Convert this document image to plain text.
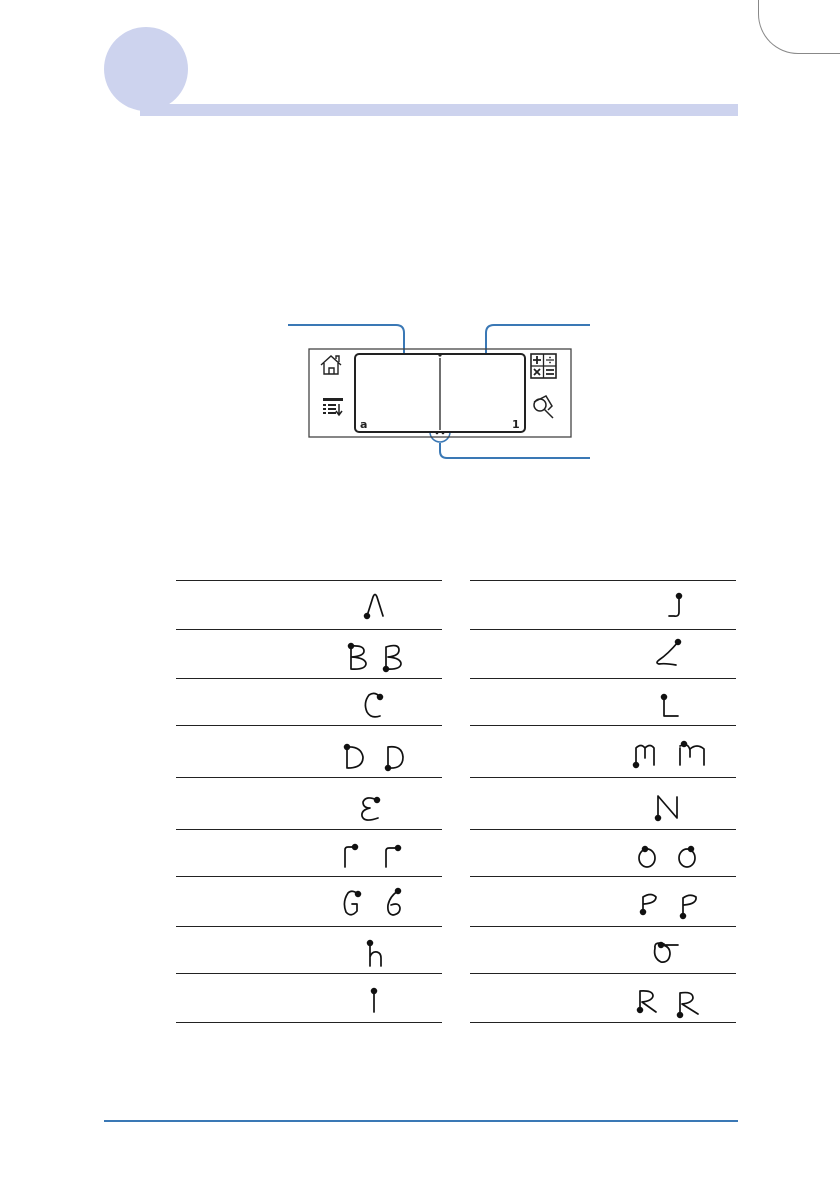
a	1
